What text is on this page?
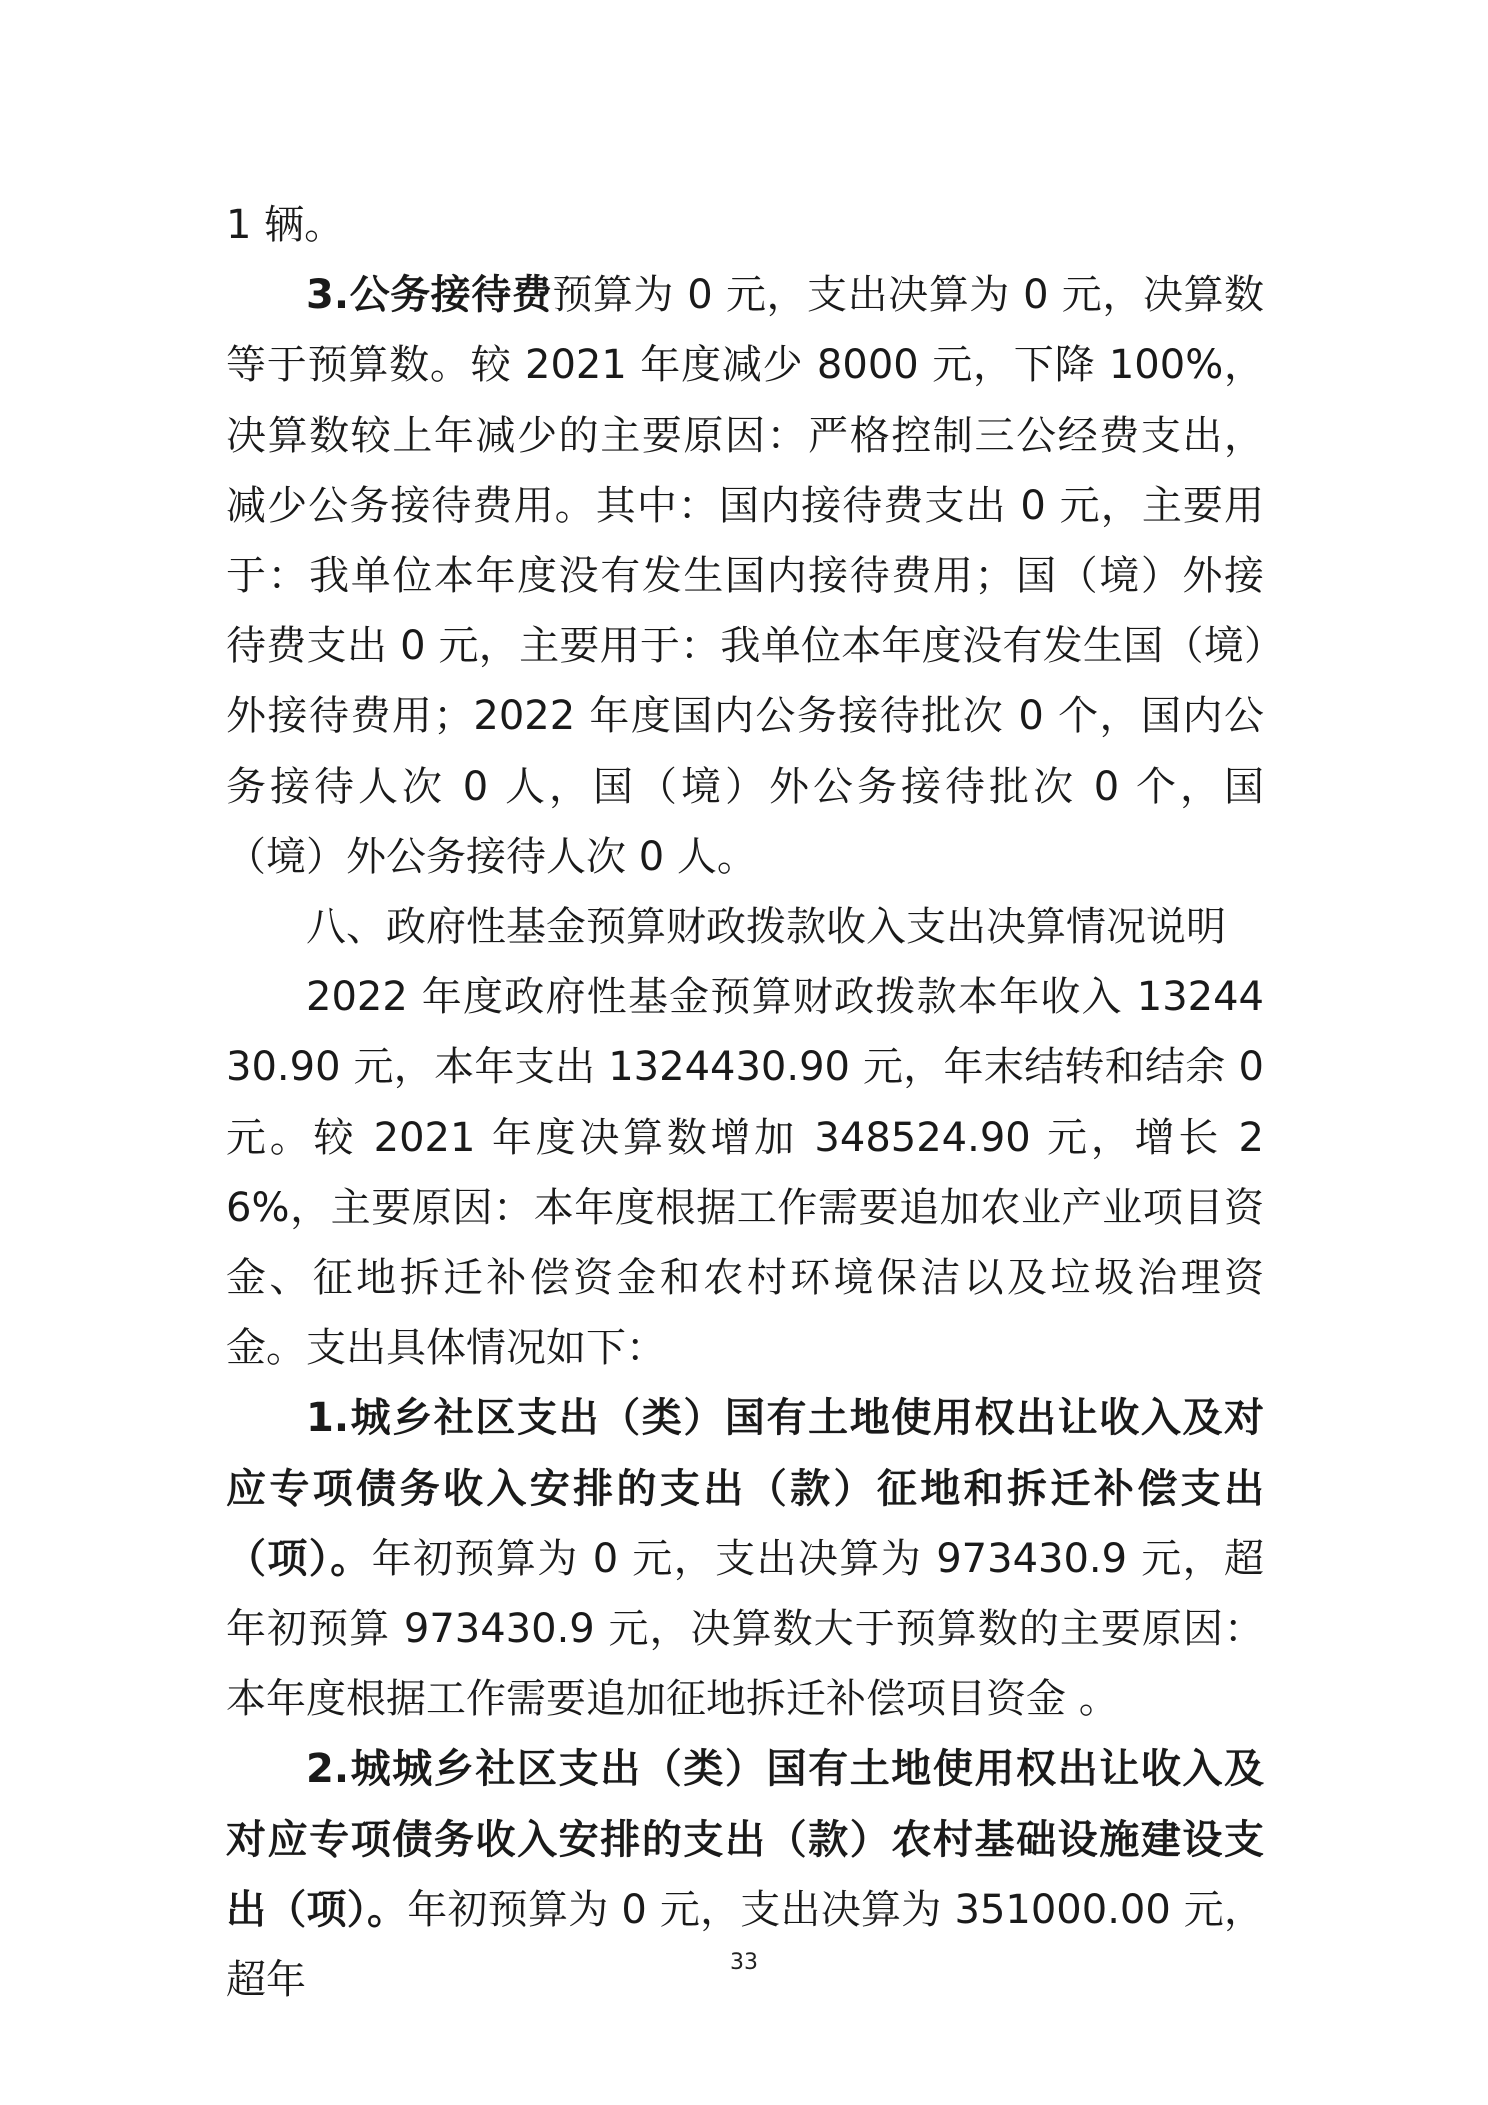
1 辆。

3.公务接待费预算为 0 元，支出决算为 0 元，决算数等于预算数。较 2021 年度减少 8000 元，下降 100%，决算数较上年减少的主要原因：严格控制三公经费支出，减少公务接待费用。其中：国内接待费支出 0 元，主要用于：我单位本年度没有发生国内接待费用；国（境）外接待费支出 0 元，主要用于：我单位本年度没有发生国（境）外接待费用；2022 年度国内公务接待批次 0 个，国内公务接待人次 0 人，国（境）外公务接待批次 0 个，国（境）外公务接待人次 0 人。

八、政府性基金预算财政拨款收入支出决算情况说明

2022 年度政府性基金预算财政拨款本年收入 1324430.90 元，本年支出 1324430.90 元，年末结转和结余 0 元。较 2021 年度决算数增加 348524.90 元，增长 26%，主要原因：本年度根据工作需要追加农业产业项目资金、征地拆迁补偿资金和农村环境保洁以及垃圾治理资金。支出具体情况如下：

1.城乡社区支出（类）国有土地使用权出让收入及对应专项债务收入安排的支出（款）征地和拆迁补偿支出（项）。年初预算为 0 元，支出决算为 973430.9 元，超年初预算 973430.9 元，决算数大于预算数的主要原因：本年度根据工作需要追加征地拆迁补偿项目资金 。

2.城城乡社区支出（类）国有土地使用权出让收入及对应专项债务收入安排的支出（款）农村基础设施建设支出（项）。年初预算为 0 元，支出决算为 351000.00 元，超年	33
